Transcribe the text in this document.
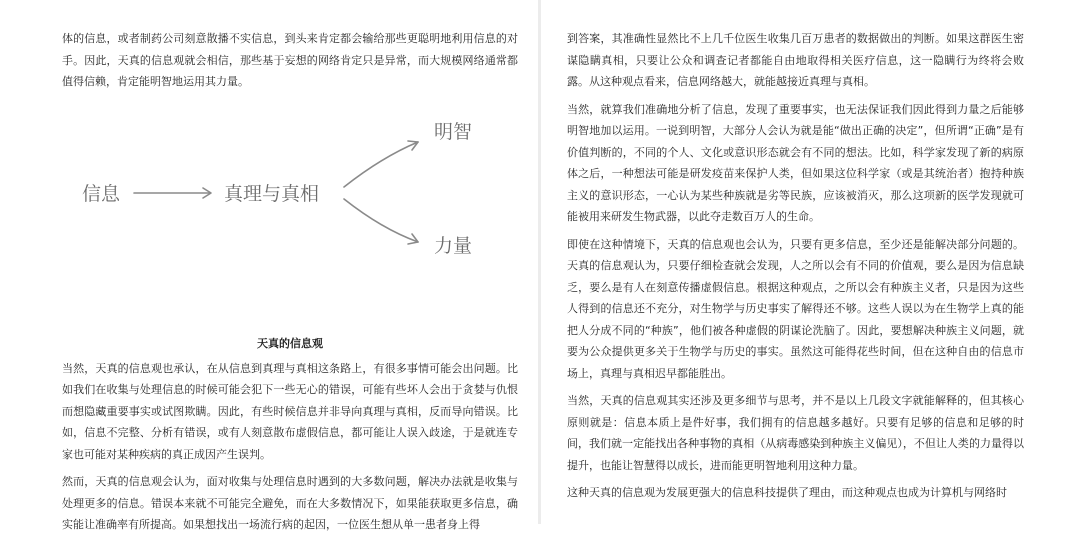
体的信息，或者制药公司刻意散播不实信息，到头来肯定都会输给那些更聪明地利用信息的对手。因此，天真的信息观就会相信，那些基于妄想的网络肯定只是异常，而大规模网络通常都值得信赖，肯定能明智地运用其力量。

信息	真理与真相
明智
力量
天真的信息观

当然，天真的信息观也承认，在从信息到真理与真相这条路上，有很多事情可能会出问题。比如我们在收集与处理信息的时候可能会犯下一些无心的错误，可能有些坏人会出于贪婪与仇恨而想隐藏重要事实或试图欺瞒。因此，有些时候信息并非导向真理与真相，反而导向错误。比如，信息不完整、分析有错误，或有人刻意散布虚假信息，都可能让人误入歧途，于是就连专家也可能对某种疾病的真正成因产生误判。

然而，天真的信息观会认为，面对收集与处理信息时遇到的大多数问题，解决办法就是收集与处理更多的信息。错误本来就不可能完全避免，而在大多数情况下，如果能获取更多信息，确实能让准确率有所提高。如果想找出一场流行病的起因，一位医生想从单一患者身上得

到答案，其准确性显然比不上几千位医生收集几百万患者的数据做出的判断。如果这群医生密谋隐瞒真相，只要让公众和调查记者都能自由地取得相关医疗信息，这一隐瞒行为终将会败露。从这种观点看来，信息网络越大，就能越接近真理与真相。

当然，就算我们准确地分析了信息，发现了重要事实，也无法保证我们因此得到力量之后能够明智地加以运用。一说到明智，大部分人会认为就是能“做出正确的决定”，但所谓“正确”是有价值判断的，不同的个人、文化或意识形态就会有不同的想法。比如，科学家发现了新的病原体之后，一种想法可能是研发疫苗来保护人类，但如果这位科学家（或是其统治者）抱持种族主义的意识形态，一心认为某些种族就是劣等民族，应该被消灭，那么这项新的医学发现就可能被用来研发生物武器，以此夺走数百万人的生命。

即使在这种情境下，天真的信息观也会认为，只要有更多信息，至少还是能解决部分问题的。天真的信息观认为，只要仔细检查就会发现，人之所以会有不同的价值观，要么是因为信息缺乏，要么是有人在刻意传播虚假信息。根据这种观点，之所以会有种族主义者，只是因为这些人得到的信息还不充分，对生物学与历史事实了解得还不够。这些人误以为在生物学上真的能把人分成不同的“种族”，他们被各种虚假的阴谋论洗脑了。因此，要想解决种族主义问题，就要为公众提供更多关于生物学与历史的事实。虽然这可能得花些时间，但在这种自由的信息市场上，真理与真相迟早都能胜出。

当然，天真的信息观其实还涉及更多细节与思考，并不是以上几段文字就能解释的，但其核心原则就是：信息本质上是件好事，我们拥有的信息越多越好。只要有足够的信息和足够的时间，我们就一定能找出各种事物的真相（从病毒感染到种族主义偏见），不但让人类的力量得以提升，也能让智慧得以成长，进而能更明智地利用这种力量。

这种天真的信息观为发展更强大的信息科技提供了理由，而这种观点也成为计算机与网络时
